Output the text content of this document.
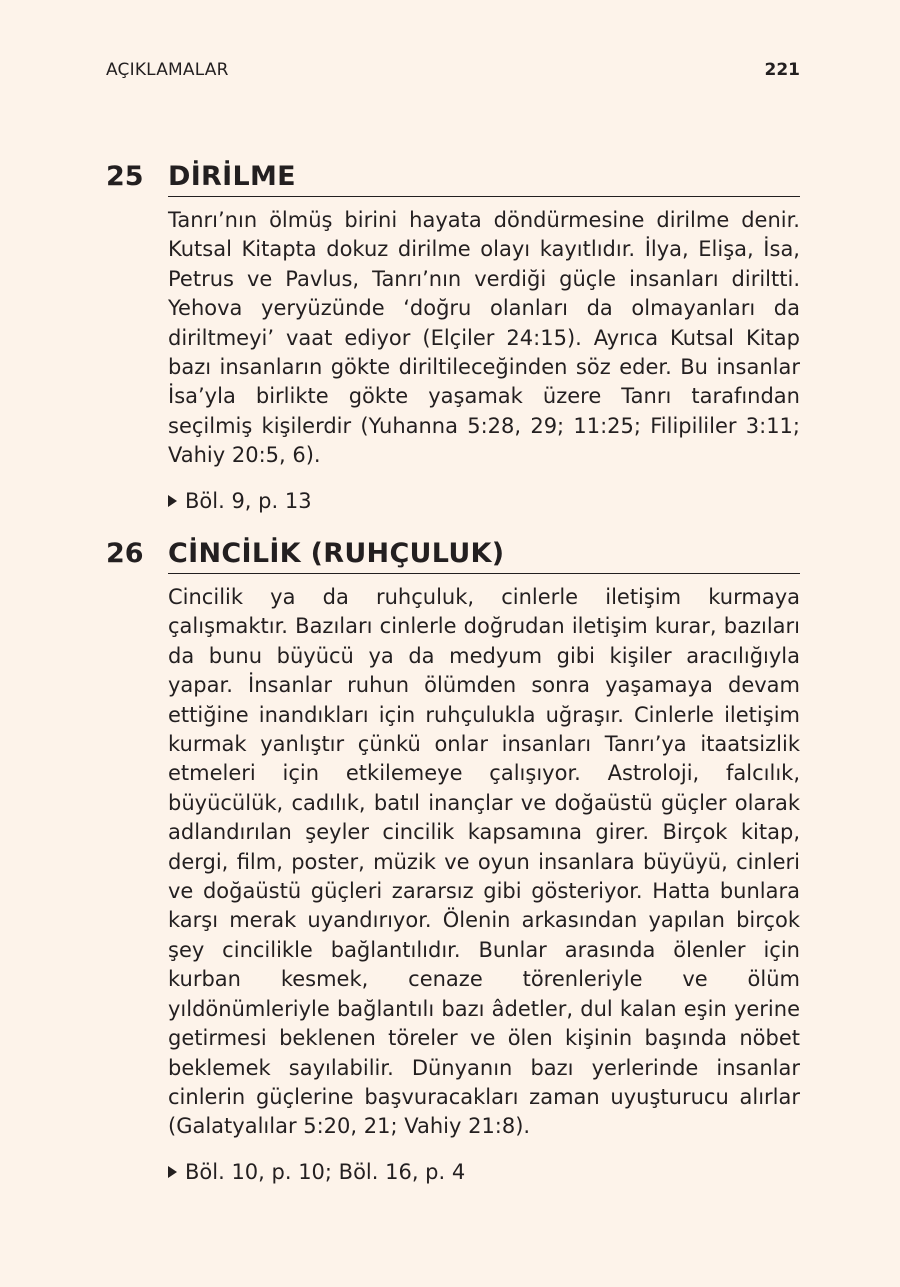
AÇIKLAMALAR	221
25 DİRİLME
Tanrı’nın ölmüş birini hayata döndürmesine dirilme denir. Kutsal Kitapta dokuz dirilme olayı kayıtlıdır. İlya, Elişa, İsa, Petrus ve Pavlus, Tanrı’nın verdiği güçle insanları diriltti. Yehova yeryüzünde ‘doğru olanları da olmayanları da diriltmeyi’ vaat ediyor (Elçiler 24:15). Ayrıca Kutsal Kitap bazı insanların gökte diriltileceğinden söz eder. Bu insanlar İsa’yla birlikte gökte yaşamak üzere Tanrı tarafından seçilmiş kişilerdir (Yuhanna 5:28, 29; 11:25; Filipililer 3:11; Vahiy 20:5, 6).
Böl. 9, p. 13
26 CİNCİLİK (RUHÇULUK)
Cincilik ya da ruhçuluk, cinlerle iletişim kurmaya çalışmaktır. Bazıları cinlerle doğrudan iletişim kurar, bazıları da bunu büyücü ya da medyum gibi kişiler aracılığıyla yapar. İnsanlar ruhun ölümden sonra yaşamaya devam ettiğine inandıkları için ruhçulukla uğraşır. Cinlerle iletişim kurmak yanlıştır çünkü onlar insanları Tanrı’ya itaatsizlik etmeleri için etkilemeye çalışıyor. Astroloji, falcılık, büyücülük, cadılık, batıl inançlar ve doğaüstü güçler olarak adlandırılan şeyler cincilik kapsamına girer. Birçok kitap, dergi, film, poster, müzik ve oyun insanlara büyüyü, cinleri ve doğaüstü güçleri zararsız gibi gösteriyor. Hatta bunlara karşı merak uyandırıyor. Ölenin arkasından yapılan birçok şey cincilikle bağlantılıdır. Bunlar arasında ölenler için kurban kesmek, cenaze törenleriyle ve ölüm yıldönümleriyle bağlantılı bazı âdetler, dul kalan eşin yerine getirmesi beklenen töreler ve ölen kişinin başında nöbet beklemek sayılabilir. Dünyanın bazı yerlerinde insanlar cinlerin güçlerine başvuracakları zaman uyuşturucu alırlar (Galatyalılar 5:20, 21; Vahiy 21:8).
Böl. 10, p. 10; Böl. 16, p. 4
